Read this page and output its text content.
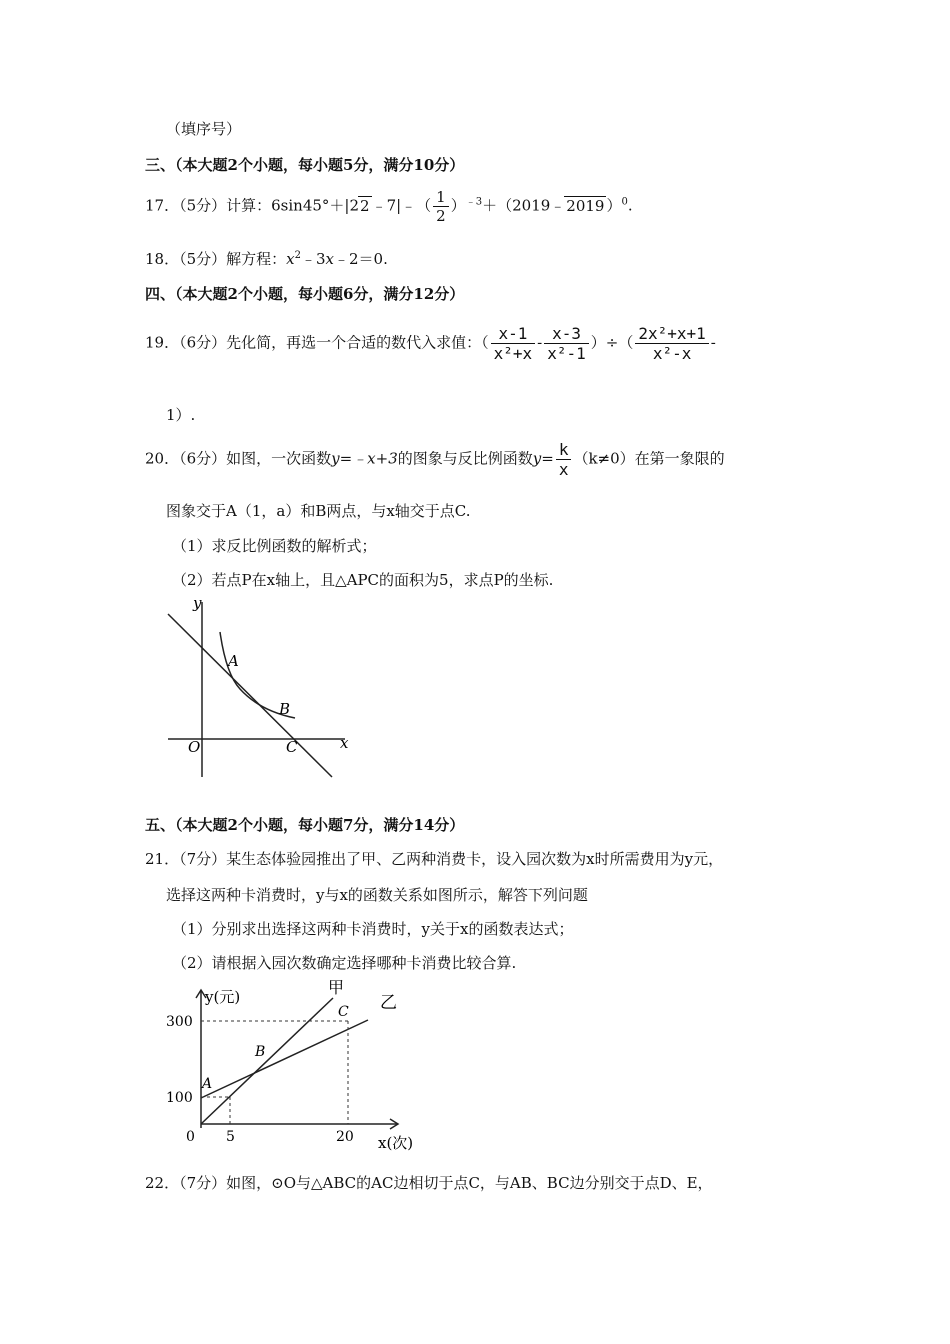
（填序号）
三、（本大题2个小题，每小题5分，满分10分）
17．（5分）计算：6sin45°＋|22 ﹣7|﹣（ $\frac{1}{2}$ ）$^{﹣3}$＋（2019﹣2019 ）$^0$.
18．（5分）解方程：$x^2﹣3x﹣2=0$.
四、（本大题2个小题，每小题6分，满分12分）
19．（6分）先化简，再选一个合适的数代入求值：（ $\frac{x-1}{\text{x²+x}} - \frac{x-3}{\text{x²-1}}$ ）÷（ $\frac{\text{2x²+x+1}}{\text{x²-x}}$ -
1）.
20．（6分）如图，一次函数y=﹣x+3的图象与反比例函数$y= \frac{k}{x} (k\ne 0)$在第一象限的
图象交于A（1，a）和B两点，与x轴交于点C.
（1）求反比例函数的解析式；
（2）若点P在x轴上，且△APC的面积为5，求点P的坐标.
y
x
O
A
B
C
五、（本大题2个小题，每小题7分，满分14分）
21．（7分）某生态体验园推出了甲、乙两种消费卡，设入园次数为x时所需费用为y元，
选择这两种卡消费时，y与x的函数关系如图所示，解答下列问题
（1）分别求出选择这两种卡消费时，y关于x的函数表达式；
（2）请根据入园次数确定选择哪种卡消费比较合算.
y(元)
x(次)
300
100
0 5	20
甲
乙
A
B
C
22．（7分）如图，⊙O与△ABC的AC边相切于点C，与AB、BC边分别交于点D、E，
